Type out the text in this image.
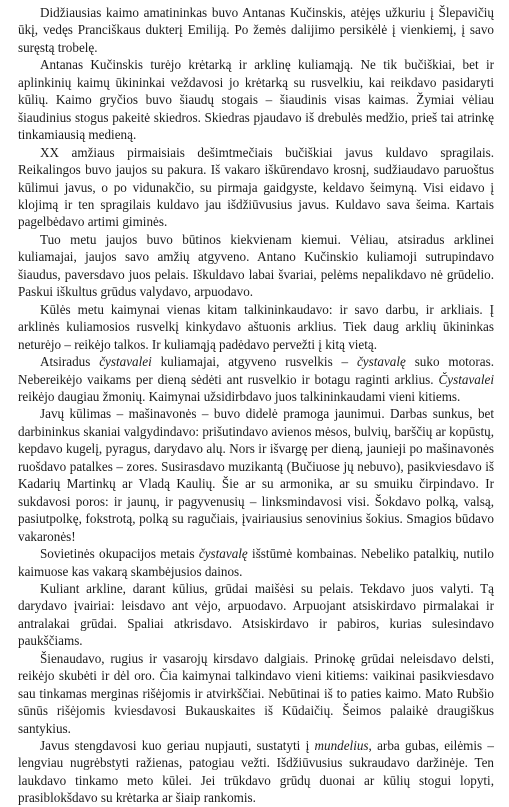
Didžiausias kaimo amatininkas buvo Antanas Kučinskis, atėjęs užkuriu į Šlepavičių ūkį, vedęs Pranciškaus dukterį Emiliją. Po žemės dalijimo persikėlė į vienkiemį, į savo suręstą trobelę.

Antanas Kučinskis turėjo krėtarką ir arklinę kuliamąją. Ne tik bučiškiai, bet ir aplinkinių kaimų ūkininkai veždavosi jo krėtarką su rusvelkiu, kai reikdavo pasidaryti kūlių. Kaimo gryčios buvo šiaudų stogais – šiaudinis visas kaimas. Žymiai vėliau šiaudinius stogus pakeitė skiedros. Skiedras pjaudavo iš drebulės medžio, prieš tai atrinkę tinkamiausią medieną.

XX amžiaus pirmaisiais dešimtmečiais bučiškiai javus kuldavo spragilais. Reikalingos buvo jaujos su pakura. Iš vakaro iškūrendavo krosnį, sudžiaudavo paruoštus kūlimui javus, o po vidunakčio, su pirmaja gaidgyste, keldavo šeimyną. Visi eidavo į klojimą ir ten spragilais kuldavo jau išdžiūvusius javus. Kuldavo sava šeima. Kartais pagelbėdavo artimi giminės.

Tuo metu jaujos buvo būtinos kiekvienam kiemui. Vėliau, atsiradus arklinei kuliamajai, jaujos savo amžių atgyveno. Antano Kučinskio kuliamoji sutrupindavo šiaudus, paversdavo juos pelais. Iškuldavo labai švariai, pelėms nepalikdavo nė grūdelio. Paskui iškultus grūdus valydavo, arpuodavo.

Kūlės metu kaimynai vienas kitam talkininkaudavo: ir savo darbu, ir arkliais. Į arklinės kuliamosios rusvelkį kinkydavo aštuonis arklius. Tiek daug arklių ūkininkas neturėjo – reikėjo talkos. Ir kuliamąją padėdavo pervežti į kitą vietą.

Atsiradus čystavalei kuliamajai, atgyveno rusvelkis – čystavalę suko motoras. Nebereikėjo vaikams per dieną sėdėti ant rusvelkio ir botagu raginti arklius. Čystavalei reikėjo daugiau žmonių. Kaimynai užsidirbdavo juos talkininkaudami vieni kitiems.

Javų kūlimas – mašinavonės – buvo didelė pramoga jaunimui. Darbas sunkus, bet darbininkus skaniai valgydindavo: prišutindavo avienos mėsos, bulvių, barščių ar kopūstų, kepdavo kugelį, pyragus, darydavo alų. Nors ir išvargę per dieną, jaunieji po mašinavonės ruošdavo patalkes – zores. Susirasdavo muzikantą (Bučiuose jų nebuvo), pasikviesdavo iš Kadarių Martinkų ar Vladą Kaulių. Šie ar su armonika, ar su smuiku čirpindavo. Ir sukdavosi poros: ir jaunų, ir pagyvenusių – linksmindavosi visi. Šokdavo polką, valsą, pasiutpolkę, fokstrotą, polką su ragučiais, įvairiausius senovinius šokius. Smagios būdavo vakaronės!

Sovietinės okupacijos metais čystavalę išstūmė kombainas. Nebeliko patalkių, nutilo kaimuose kas vakarą skambėjusios dainos.

Kuliant arkline, darant kūlius, grūdai maišėsi su pelais. Tekdavo juos valyti. Tą darydavo įvairiai: leisdavo ant vėjo, arpuodavo. Arpuojant atsiskirdavo pirmalakai ir antralakai grūdai. Spaliai atkrisdavo. Atsiskirdavo ir pabiros, kurias sulesindavo paukščiams.

Šienaudavo, rugius ir vasarojų kirsdavo dalgiais. Prinokę grūdai neleisdavo delsti, reikėjo skubėti ir dėl oro. Čia kaimynai talkindavo vieni kitiems: vaikinai pasikviesdavo sau tinkamas merginas rišėjomis ir atvirkščiai. Nebūtinai iš to paties kaimo. Mato Rubšio sūnūs rišėjomis kviesdavosi Bukauskaites iš Kūdaičių. Šeimos palaikė draugiškus santykius.

Javus stengdavosi kuo geriau nupjauti, sustatyti į mundelius, arba gubas, eilėmis – lengviau nugrėbstyti ražienas, patogiau vežti. Išdžiūvusius sukraudavo daržinėje. Ten laukdavo tinkamo meto kūlei. Jei trūkdavo grūdų duonai ar kūlių stogui lopyti, prasiblokšdavo su krėtarka ar šiaip rankomis.
